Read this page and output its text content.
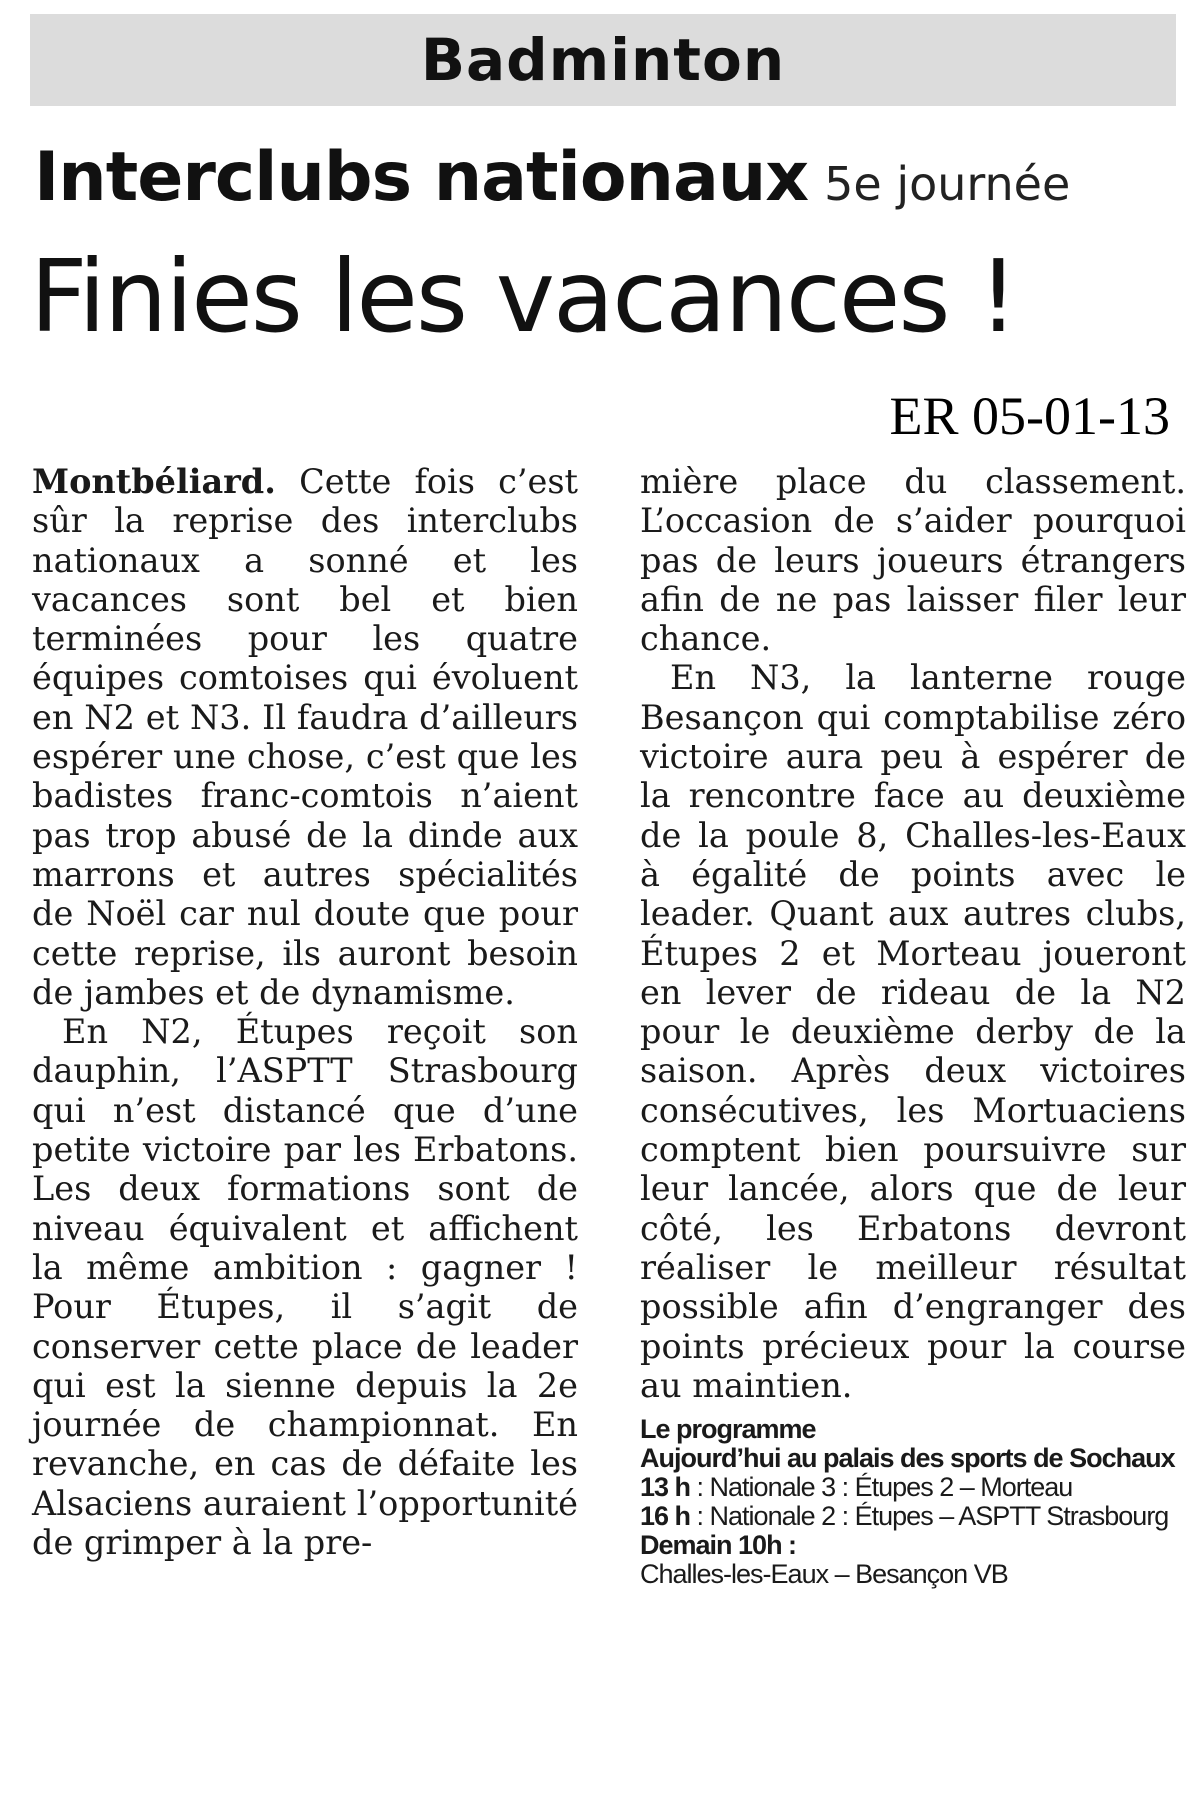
Badminton
Interclubs nationaux 5e journée
Finies les vacances !
ER 05-01-13

Montbéliard. Cette fois c’est sûr la reprise des interclubs nationaux a sonné et les vacances sont bel et bien terminées pour les quatre équipes comtoises qui évoluent en N2 et N3. Il faudra d’ailleurs espérer une chose, c’est que les badistes franc-comtois n’aient pas trop abusé de la dinde aux marrons et autres spécialités de Noël car nul doute que pour cette reprise, ils auront besoin de jambes et de dynamisme.

En N2, Étupes reçoit son dauphin, l’ASPTT Strasbourg qui n’est distancé que d’une petite victoire par les Erbatons. Les deux formations sont de niveau équivalent et affichent la même ambition : gagner ! Pour Étupes, il s’agit de conserver cette place de leader qui est la sienne depuis la 2e journée de championnat. En revanche, en cas de défaite les Alsaciens auraient l’opportunité de grimper à la pre-

mière place du classement. L’occasion de s’aider pourquoi pas de leurs joueurs étrangers afin de ne pas laisser filer leur chance.

En N3, la lanterne rouge Besançon qui comptabilise zéro victoire aura peu à espérer de la rencontre face au deuxième de la poule 8, Challes-les-Eaux à égalité de points avec le leader. Quant aux autres clubs, Étupes 2 et Morteau joueront en lever de rideau de la N2 pour le deuxième derby de la saison. Après deux victoires consécutives, les Mortuaciens comptent bien poursuivre sur leur lancée, alors que de leur côté, les Erbatons devront réaliser le meilleur résultat possible afin d’engranger des points précieux pour la course au maintien.

Le programme
Aujourd’hui au palais des sports de Sochaux
13 h : Nationale 3 : Étupes 2 – Morteau
16 h : Nationale 2 : Étupes – ASPTT Strasbourg
Demain 10h :
Challes-les-Eaux – Besançon VB
